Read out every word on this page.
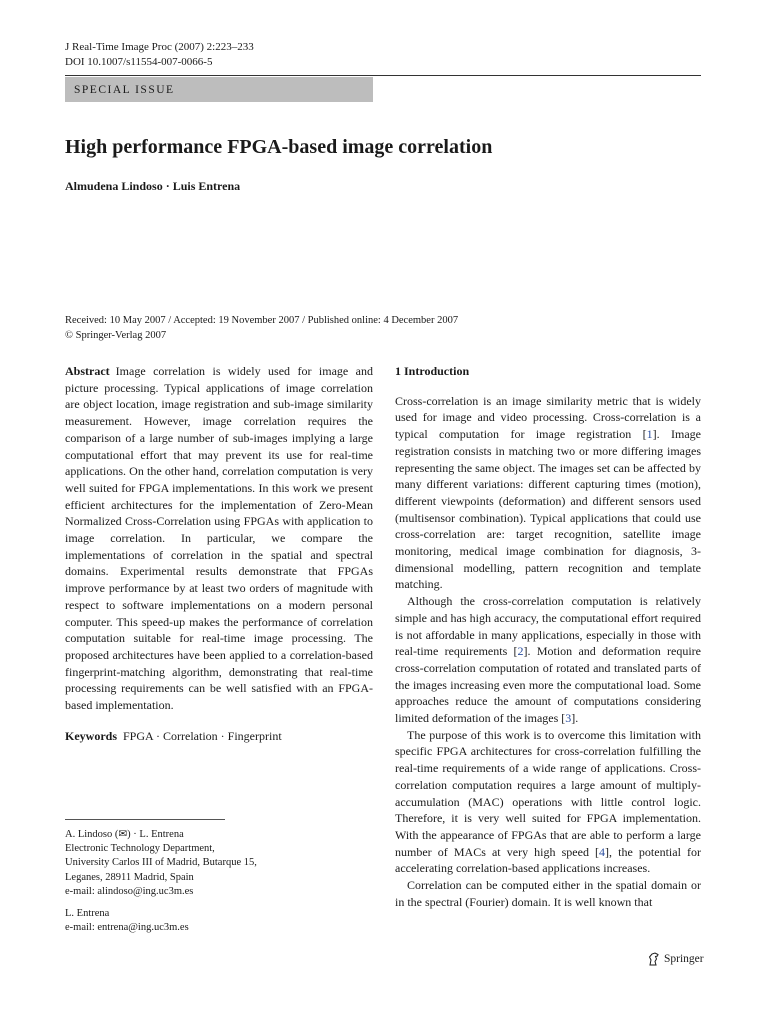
J Real-Time Image Proc (2007) 2:223–233
DOI 10.1007/s11554-007-0066-5
SPECIAL ISSUE
High performance FPGA-based image correlation
Almudena Lindoso · Luis Entrena
Received: 10 May 2007 / Accepted: 19 November 2007 / Published online: 4 December 2007
© Springer-Verlag 2007

Abstract Image correlation is widely used for image and picture processing. Typical applications of image correlation are object location, image registration and sub-image similarity measurement. However, image correlation requires the comparison of a large number of sub-images implying a large computational effort that may prevent its use for real-time applications. On the other hand, correlation computation is very well suited for FPGA implementations. In this work we present efficient architectures for the implementation of Zero-Mean Normalized Cross-Correlation using FPGAs with application to image correlation. In particular, we compare the implementations of correlation in the spatial and spectral domains. Experimental results demonstrate that FPGAs improve performance by at least two orders of magnitude with respect to software implementations on a modern personal computer. This speed-up makes the performance of correlation computation suitable for real-time image processing. The proposed architectures have been applied to a correlation-based fingerprint-matching algorithm, demonstrating that real-time processing requirements can be well satisfied with an FPGA-based implementation.

Keywords FPGA · Correlation · Fingerprint

A. Lindoso (✉) · L. Entrena
Electronic Technology Department,
University Carlos III of Madrid, Butarque 15,
Leganes, 28911 Madrid, Spain
e-mail: alindoso@ing.uc3m.es
L. Entrena
e-mail: entrena@ing.uc3m.es

1 Introduction

Cross-correlation is an image similarity metric that is widely used for image and video processing. Cross-correlation is a typical computation for image registration [1]. Image registration consists in matching two or more differing images representing the same object. The images set can be affected by many different variations: different capturing times (motion), different viewpoints (deformation) and different sensors used (multisensor combination). Typical applications that could use cross-correlation are: target recognition, satellite image monitoring, medical image combination for diagnosis, 3-dimensional modelling, pattern recognition and template matching.

Although the cross-correlation computation is relatively simple and has high accuracy, the computational effort required is not affordable in many applications, especially in those with real-time requirements [2]. Motion and deformation require cross-correlation computation of rotated and translated parts of the images increasing even more the computational load. Some approaches reduce the amount of computations considering limited deformation of the images [3].

The purpose of this work is to overcome this limitation with specific FPGA architectures for cross-correlation fulfilling the real-time requirements of a wide range of applications. Cross-correlation computation requires a large amount of multiply-accumulation (MAC) operations with little control logic. Therefore, it is very well suited for FPGA implementation. With the appearance of FPGAs that are able to perform a large number of MACs at very high speed [4], the potential for accelerating correlation-based applications increases.

Correlation can be computed either in the spatial domain or in the spectral (Fourier) domain. It is well known that

Springer
